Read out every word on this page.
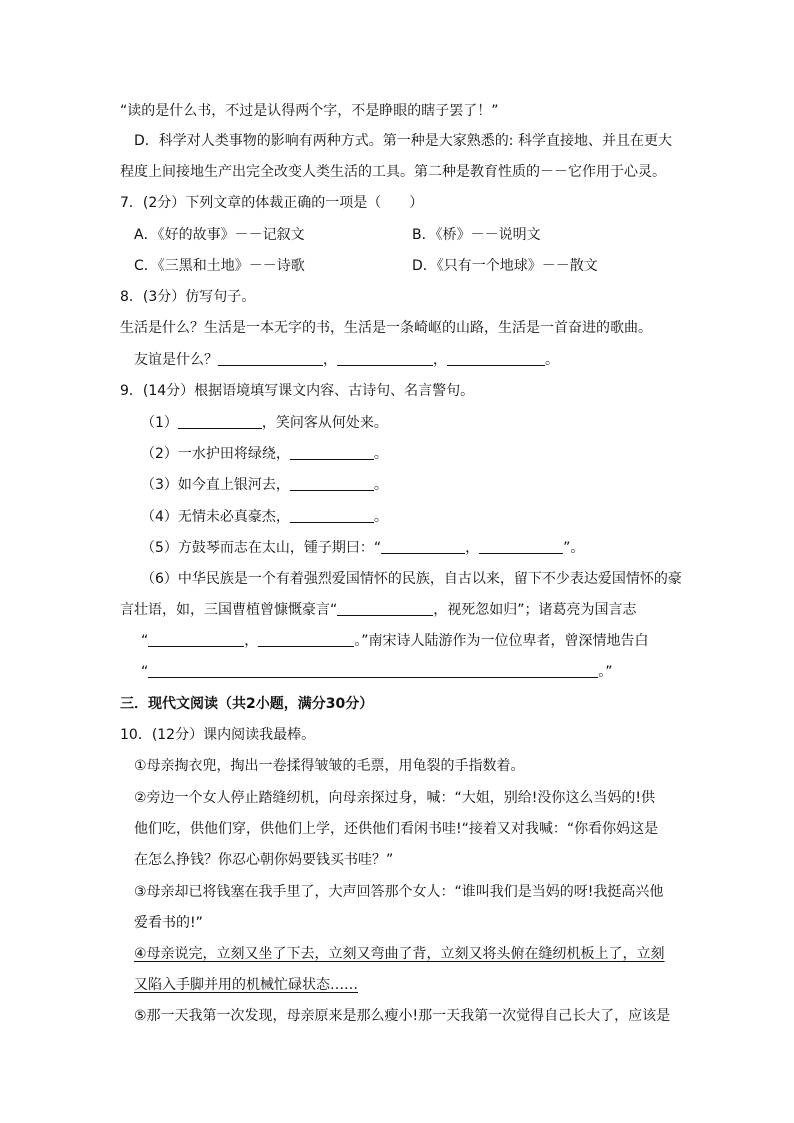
“读的是什么书，不过是认得两个字，不是睁眼的瞎子罢了！”
D．科学对人类事物的影响有两种方式。第一种是大家熟悉的: 科学直接地、并且在更大
程度上间接地生产出完全改变人类生活的工具。第二种是教育性质的－－它作用于心灵。
7．(2分）下列文章的体裁正确的一项是（　　）
A．《好的故事》－－记叙文	B．《桥》－－说明文
C．《三黑和土地》－－诗歌	D．《只有一个地球》－－散文
8．(3分）仿写句子。
生活是什么？生活是一本无字的书，生活是一条崎岖的山路，生活是一首奋进的歌曲。
友谊是什么？	，	，	。
9．(14分）根据语境填写课文内容、古诗句、名言警句。
（1）	，笑问客从何处来。
（2）一水护田将绿绕，	。
（3）如今直上银河去，	。
（4）无情未必真豪杰，	。
（5）方鼓琴而志在太山，锺子期曰：“	，	”。
（6）中华民族是一个有着强烈爱国情怀的民族，自古以来，留下不少表达爱国情怀的豪
言壮语，如，三国曹植曾慷慨豪言“	，视死忽如归”；诸葛亮为国言志
“	，	。”南宋诗人陆游作为一位位卑者，曾深情地告白
“	。”
三．现代文阅读（共2小题，满分30分）
10．(12分）课内阅读我最棒。
①母亲掏衣兜，掏出一卷揉得皱皱的毛票，用龟裂的手指数着。
②旁边一个女人停止踏缝纫机，向母亲探过身，喊：“大姐，别给!没你这么当妈的!供
他们吃，供他们穿，供他们上学，还供他们看闲书哇!“接着又对我喊：“你看你妈这是
在怎么挣钱？你忍心朝你妈要钱买书哇？”
③母亲却已将钱塞在我手里了，大声回答那个女人：“谁叫我们是当妈的呀!我挺高兴他
爱看书的!”
④母亲说完，立刻又坐了下去，立刻又弯曲了背，立刻又将头俯在缝纫机板上了，立刻
又陷入手脚并用的机械忙碌状态……
⑤那一天我第一次发现，母亲原来是那么瘦小!那一天我第一次觉得自己长大了，应该是
